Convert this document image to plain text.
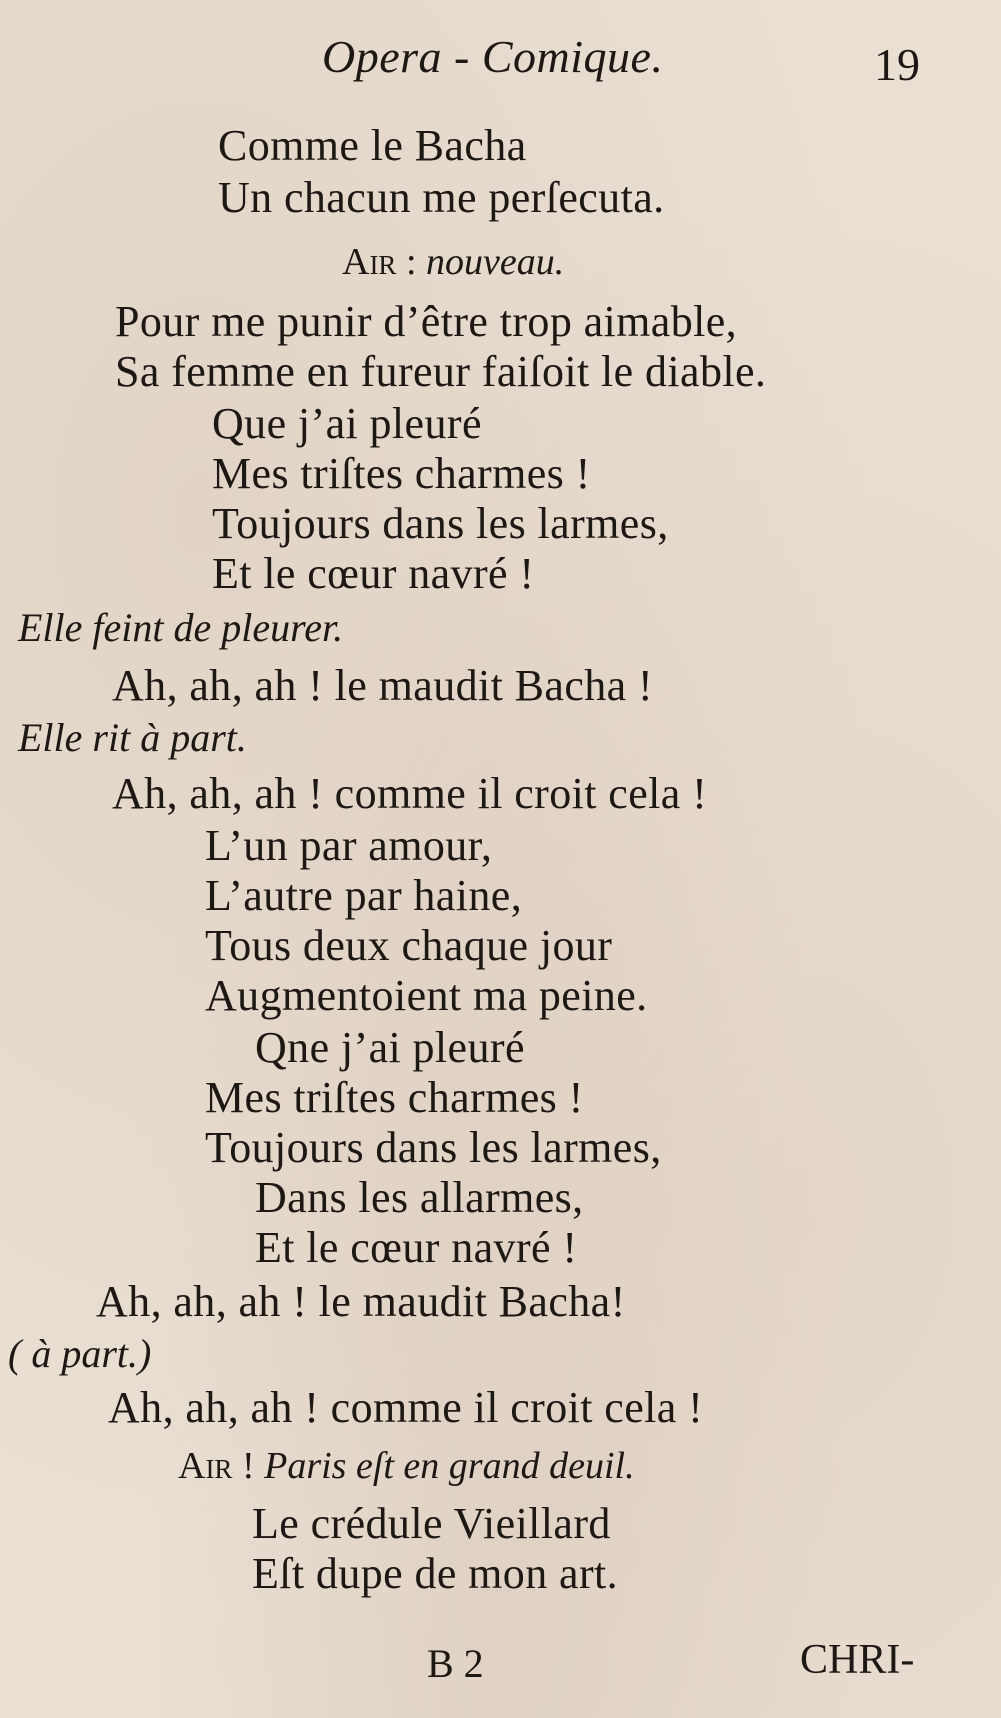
Opera - Comique.	19
Comme le Bacha
Un chacun me perſecuta.
Air : nouveau.
Pour me punir d’être trop aimable,
Sa femme en fureur faiſoit le diable.
Que j’ai pleuré
Mes triſtes charmes !
Toujours dans les larmes,
Et le cœur navré !
Elle feint de pleurer.
Ah, ah, ah ! le maudit Bacha !
Elle rit à part.
Ah, ah, ah ! comme il croit cela !
L’un par amour,
L’autre par haine,
Tous deux chaque jour
Augmentoient ma peine.
Qne j’ai pleuré
Mes triſtes charmes !
Toujours dans les larmes,
Dans les allarmes,
Et le cœur navré !
Ah, ah, ah ! le maudit Bacha!
( à part.)
Ah, ah, ah ! comme il croit cela !
Air ! Paris eſt en grand deuil.
Le crédule Vieillard
Eſt dupe de mon art.
B 2	CHRI-
